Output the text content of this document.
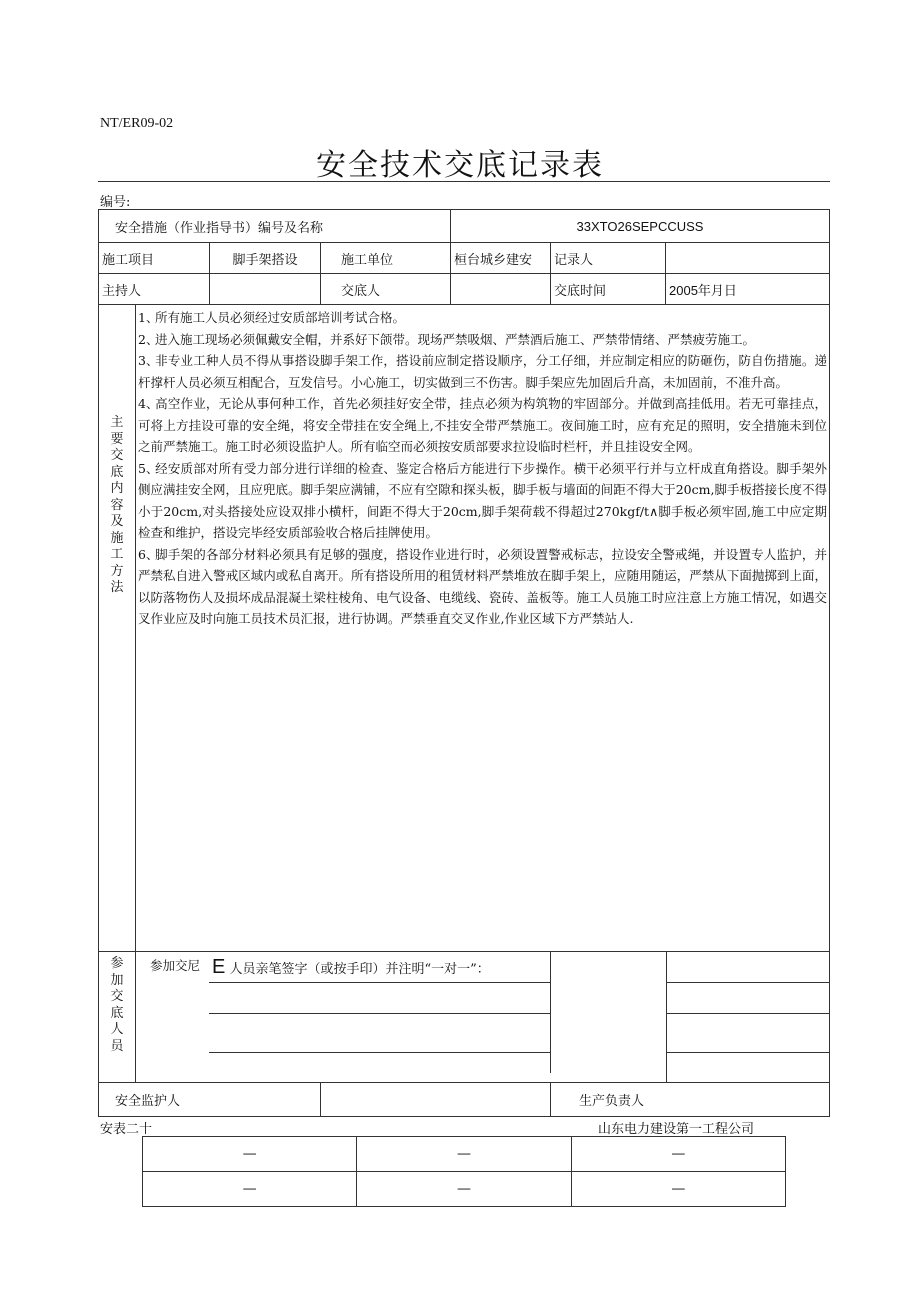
NT/ER09-02
安全技术交底记录表
编号:
安全措施（作业指导书）编号及名称	33XTO26SEPCCUSS
施工项目	脚手架搭设	施工单位	桓台城乡建安	记录人	
主持人		交底人		交底时间	2005年月日

主要交底内容及施工方法

1、所有施工人员必须经过安质部培训考试合格。
2、进入施工现场必须佩戴安全帽，并系好下颌带。现场严禁吸烟、严禁酒后施工、严禁带情绪、严禁疲劳施工。
3、非专业工种人员不得从事搭设脚手架工作，搭设前应制定搭设顺序，分工仔细，并应制定相应的防砸伤，防自伤措施。递杆撑杆人员必须互相配合，互发信号。小心施工，切实做到三不伤害。脚手架应先加固后升高，未加固前，不准升高。
4、高空作业，无论从事何种工作，首先必须挂好安全带，挂点必须为构筑物的牢固部分。并做到高挂低用。若无可靠挂点，可将上方挂设可靠的安全绳，将安全带挂在安全绳上,不挂安全带严禁施工。夜间施工时，应有充足的照明，安全措施未到位之前严禁施工。施工时必须设监护人。所有临空而必须按安质部要求拉设临时栏杆，并且挂设安全网。
5、经安质部对所有受力部分进行详细的检查、鉴定合格后方能进行下步操作。横干必须平行并与立杆成直角搭设。脚手架外侧应满挂安全网，且应兜底。脚手架应满铺，不应有空隙和探头板，脚手板与墙面的间距不得大于20cm,脚手板搭接长度不得小于20cm,对头搭接处应设双排小横杆，间距不得大于20cm,脚手架荷载不得超过270kgf/t∧脚手板必须牢固,施工中应定期检查和维护，搭设完毕经安质部验收合格后挂牌使用。
6、脚手架的各部分材料必须具有足够的强度，搭设作业进行时，必须设置警戒标志，拉设安全警戒绳，并设置专人监护，并严禁私自进入警戒区域内或私自离开。所有搭设所用的租赁材料严禁堆放在脚手架上，应随用随运，严禁从下面抛掷到上面，以防落物伤人及损坏成品混凝土梁柱棱角、电气设备、电缆线、瓷砖、盖板等。施工人员施工时应注意上方施工情况，如遇交叉作业应及时向施工员技术员汇报，进行协调。严禁垂直交叉作业,作业区域下方严禁站人.

参加交底人员

参加交尼 E 人员亲笔签字（或按手印）并注明“一对一”：

安全监护人		生产负责人
安表二十	山东电力建设第一工程公司
—	—	—
—	—	—
